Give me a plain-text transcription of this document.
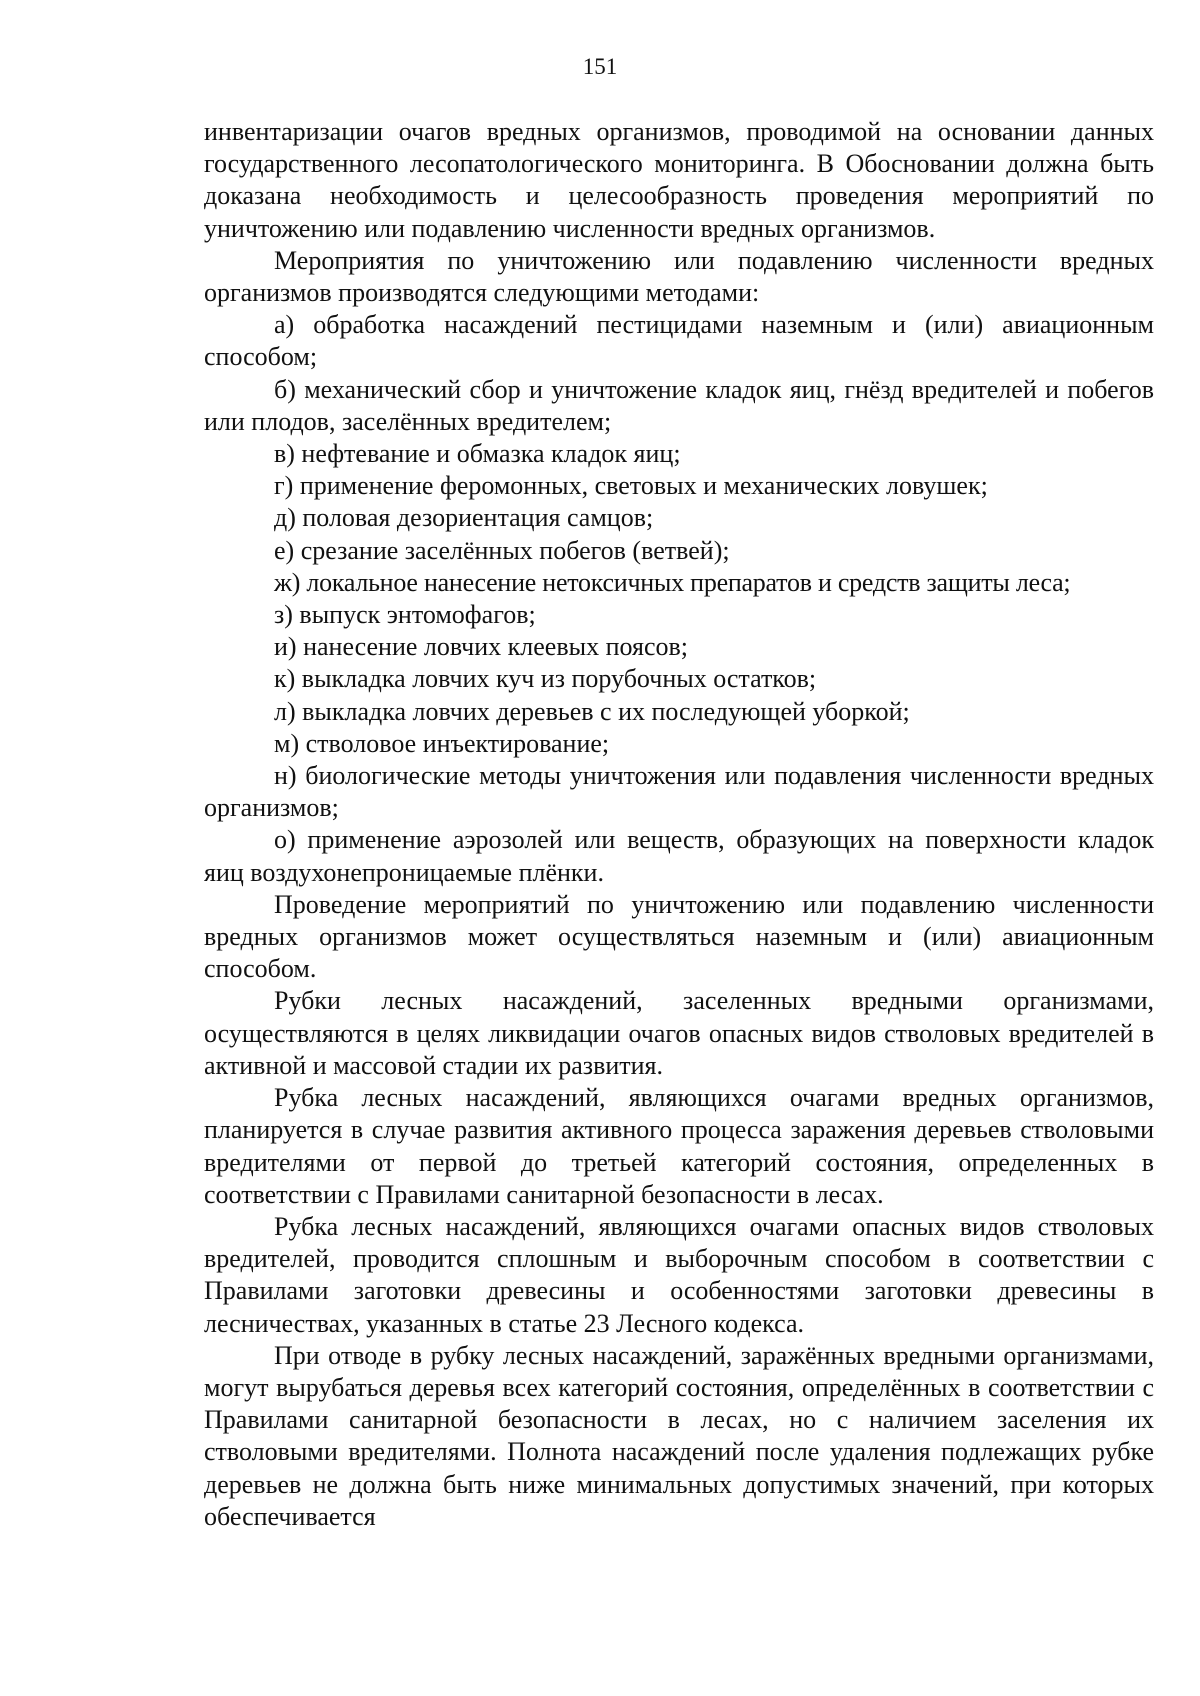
151

инвентаризации очагов вредных организмов, проводимой на основании данных государственного лесопатологического мониторинга. В Обосновании должна быть доказана необходимость и целесообразность проведения мероприятий по уничтожению или подавлению численности вредных организмов.

Мероприятия по уничтожению или подавлению численности вредных организмов производятся следующими методами:

а) обработка насаждений пестицидами наземным и (или) авиационным способом;

б) механический сбор и уничтожение кладок яиц, гнёзд вредителей и побегов или плодов, заселённых вредителем;

в) нефтевание и обмазка кладок яиц;

г) применение феромонных, световых и механических ловушек;

д) половая дезориентация самцов;

е) срезание заселённых побегов (ветвей);

ж) локальное нанесение нетоксичных препаратов и средств защиты леса;

з) выпуск энтомофагов;

и) нанесение ловчих клеевых поясов;

к) выкладка ловчих куч из порубочных остатков;

л) выкладка ловчих деревьев с их последующей уборкой;

м) стволовое инъектирование;

н) биологические методы уничтожения или подавления численности вредных организмов;

о) применение аэрозолей или веществ, образующих на поверхности кладок яиц воздухонепроницаемые плёнки.

Проведение мероприятий по уничтожению или подавлению численности вредных организмов может осуществляться наземным и (или) авиационным способом.

Рубки лесных насаждений, заселенных вредными организмами, осуществляются в целях ликвидации очагов опасных видов стволовых вредителей в активной и массовой стадии их развития.

Рубка лесных насаждений, являющихся очагами вредных организмов, планируется в случае развития активного процесса заражения деревьев стволовыми вредителями от первой до третьей категорий состояния, определенных в соответствии с Правилами санитарной безопасности в лесах.

Рубка лесных насаждений, являющихся очагами опасных видов стволовых вредителей, проводится сплошным и выборочным способом в соответствии с Правилами заготовки древесины и особенностями заготовки древесины в лесничествах, указанных в статье 23 Лесного кодекса.

При отводе в рубку лесных насаждений, заражённых вредными организмами, могут вырубаться деревья всех категорий состояния, определённых в соответствии с Правилами санитарной безопасности в лесах, но с наличием заселения их стволовыми вредителями. Полнота насаждений после удаления подлежащих рубке деревьев не должна быть ниже минимальных допустимых значений, при которых обеспечивается
